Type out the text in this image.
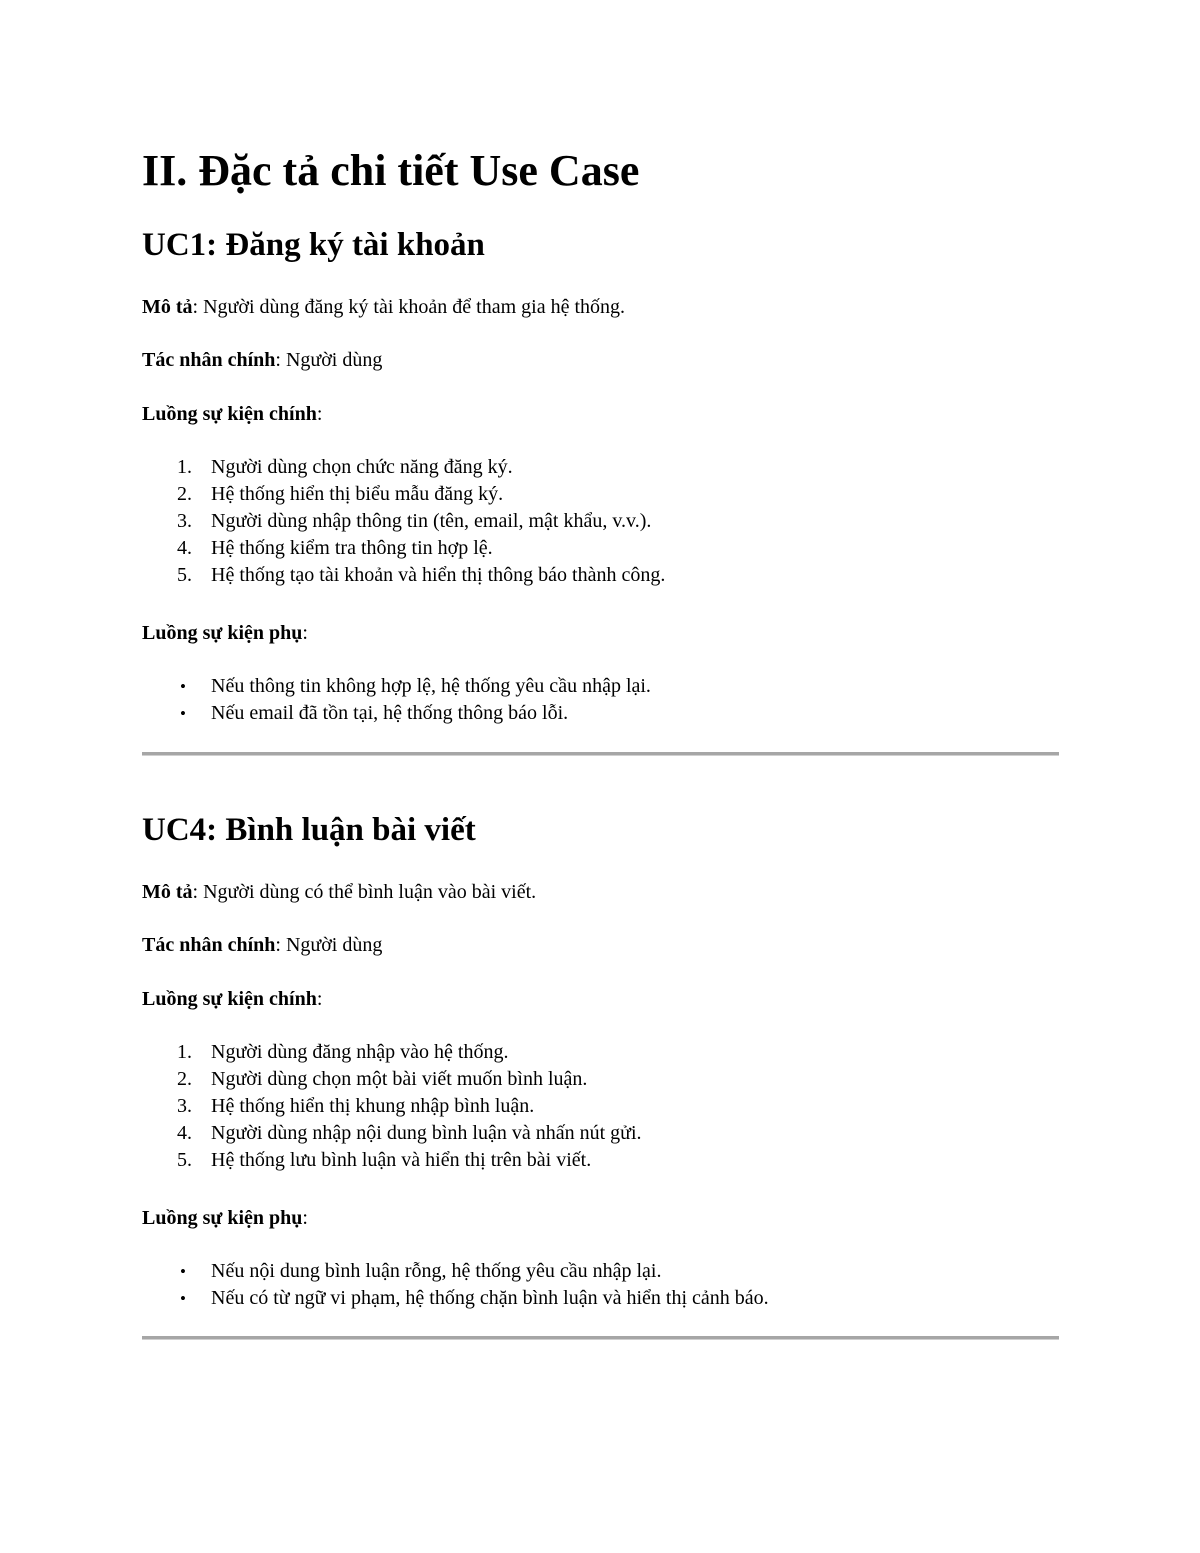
II. Đặc tả chi tiết Use Case
UC1: Đăng ký tài khoản

Mô tả: Người dùng đăng ký tài khoản để tham gia hệ thống.

Tác nhân chính: Người dùng

Luồng sự kiện chính:

1. Người dùng chọn chức năng đăng ký.
2. Hệ thống hiển thị biểu mẫu đăng ký.
3. Người dùng nhập thông tin (tên, email, mật khẩu, v.v.).
4. Hệ thống kiểm tra thông tin hợp lệ.
5. Hệ thống tạo tài khoản và hiển thị thông báo thành công.

Luồng sự kiện phụ:

• Nếu thông tin không hợp lệ, hệ thống yêu cầu nhập lại.
• Nếu email đã tồn tại, hệ thống thông báo lỗi.
UC4: Bình luận bài viết

Mô tả: Người dùng có thể bình luận vào bài viết.

Tác nhân chính: Người dùng

Luồng sự kiện chính:

1. Người dùng đăng nhập vào hệ thống.
2. Người dùng chọn một bài viết muốn bình luận.
3. Hệ thống hiển thị khung nhập bình luận.
4. Người dùng nhập nội dung bình luận và nhấn nút gửi.
5. Hệ thống lưu bình luận và hiển thị trên bài viết.

Luồng sự kiện phụ:

• Nếu nội dung bình luận rỗng, hệ thống yêu cầu nhập lại.
• Nếu có từ ngữ vi phạm, hệ thống chặn bình luận và hiển thị cảnh báo.
